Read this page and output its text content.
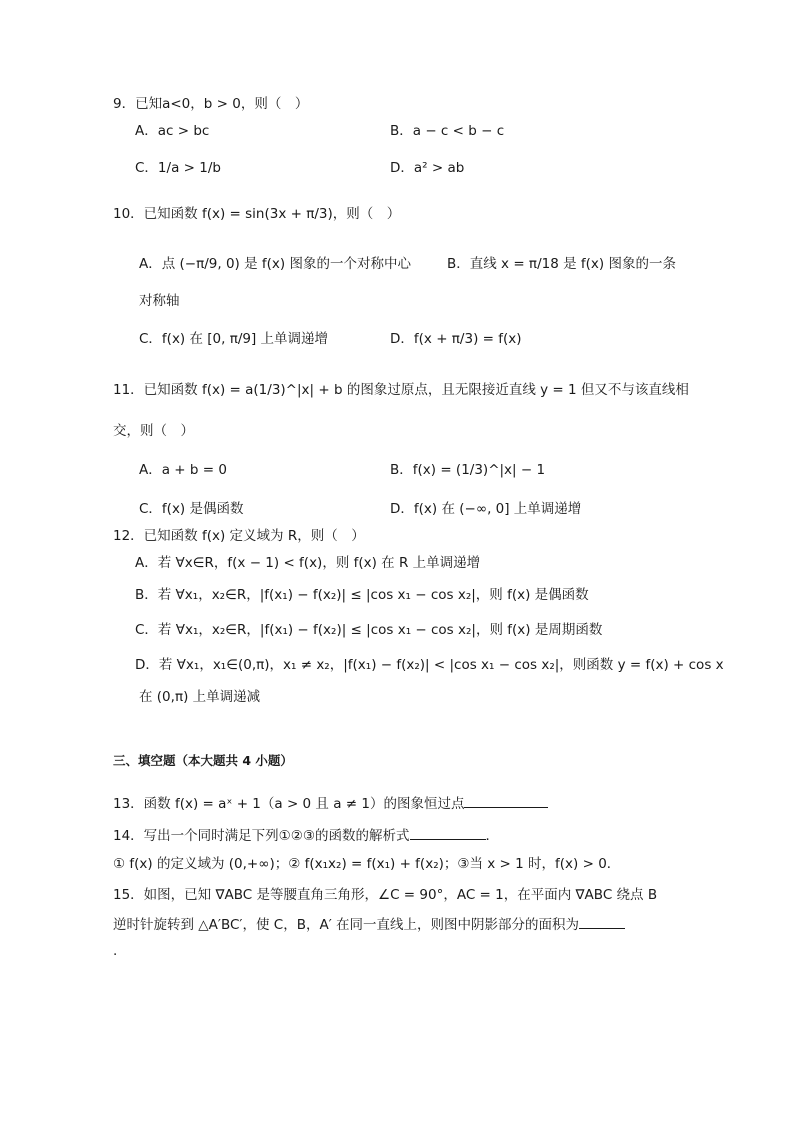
9．已知a<0，b > 0，则（　）
A．ac > bc	B．a − c < b − c
C．1/a > 1/b	D．a² > ab
10．已知函数 f(x) = sin(3x + π/3)，则（　）
A．点 (−π/9, 0) 是 f(x) 图象的一个对称中心	B．直线 x = π/18 是 f(x) 图象的一条
对称轴
C．f(x) 在 [0, π/9] 上单调递增	D．f(x + π/3) = f(x)
11．已知函数 f(x) = a(1/3)^|x| + b 的图象过原点，且无限接近直线 y = 1 但又不与该直线相
交，则（　）
A．a + b = 0	B．f(x) = (1/3)^|x| − 1
C．f(x) 是偶函数	D．f(x) 在 (−∞, 0] 上单调递增
12．已知函数 f(x) 定义域为 R，则（　）
A．若 ∀x∈R，f(x − 1) < f(x)，则 f(x) 在 R 上单调递增
B．若 ∀x₁，x₂∈R，|f(x₁) − f(x₂)| ≤ |cos x₁ − cos x₂|，则 f(x) 是偶函数
C．若 ∀x₁，x₂∈R，|f(x₁) − f(x₂)| ≤ |cos x₁ − cos x₂|，则 f(x) 是周期函数
D．若 ∀x₁，x₁∈(0,π)，x₁ ≠ x₂，|f(x₁) − f(x₂)| < |cos x₁ − cos x₂|，则函数 y = f(x) + cos x
在 (0,π) 上单调递减
三、填空题（本大题共 4 小题）
13．函数 f(x) = aˣ + 1（a > 0 且 a ≠ 1）的图象恒过点
14．写出一个同时满足下列①②③的函数的解析式	．
① f(x) 的定义域为 (0,+∞)；② f(x₁x₂) = f(x₁) + f(x₂)；③当 x > 1 时，f(x) > 0．
15．如图，已知 ∇ABC 是等腰直角三角形，∠C = 90°，AC = 1，在平面内 ∇ABC 绕点 B
逆时针旋转到 △A′BC′，使 C，B，A′ 在同一直线上，则图中阴影部分的面积为
.
